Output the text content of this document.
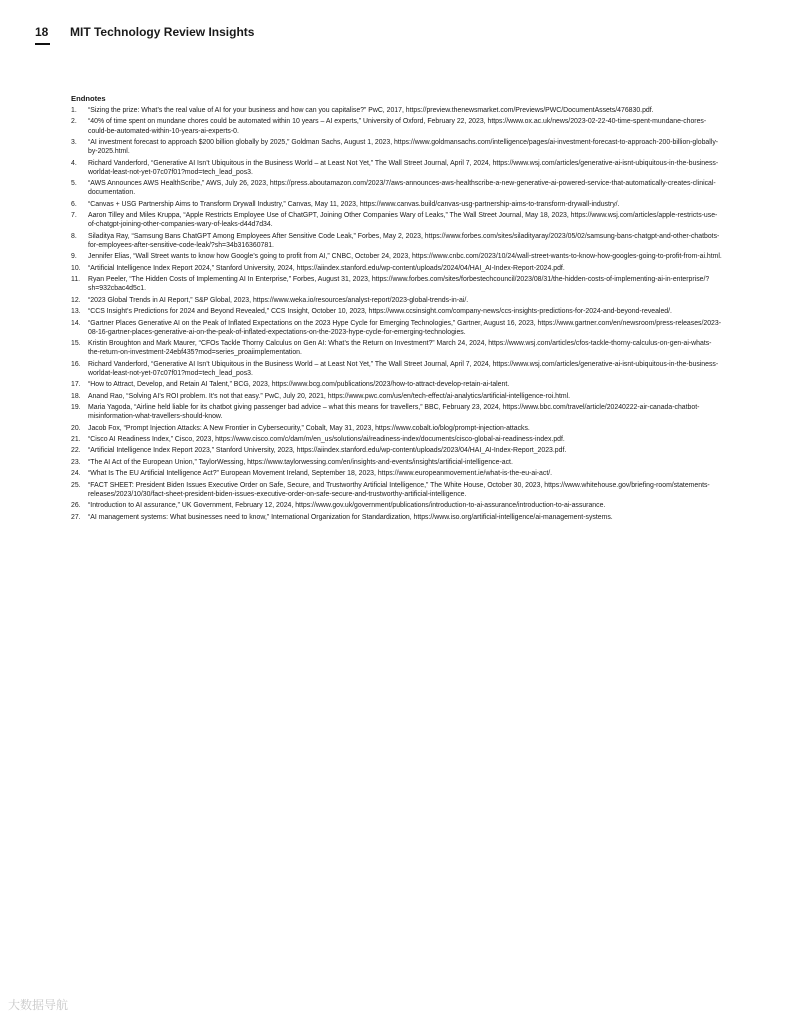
18 MIT Technology Review Insights
Endnotes
1.	“Sizing the prize: What’s the real value of AI for your business and how can you capitalise?” PwC, 2017, https://preview.thenewsmarket.com/Previews/PWC/DocumentAssets/476830.pdf.
2.	“40% of time spent on mundane chores could be automated within 10 years – AI experts,” University of Oxford, February 22, 2023, https://www.ox.ac.uk/news/2023-02-22-40-time-spent-mundane-chores-could-be-automated-within-10-years-ai-experts-0.
3.	“AI investment forecast to approach $200 billion globally by 2025,” Goldman Sachs, August 1, 2023, https://www.goldmansachs.com/intelligence/pages/ai-investment-forecast-to-approach-200-billion-globally-by-2025.html.
4.	Richard Vanderford, “Generative AI Isn’t Ubiquitous in the Business World – at Least Not Yet,” The Wall Street Journal, April 7, 2024, https://www.wsj.com/articles/generative-ai-isnt-ubiquitous-in-the-business-worldat-least-not-yet-07c07f01?mod=tech_lead_pos3.
5.	“AWS Announces AWS HealthScribe,” AWS, July 26, 2023, https://press.aboutamazon.com/2023/7/aws-announces-aws-healthscribe-a-new-generative-ai-powered-service-that-automatically-creates-clinical-documentation.
6.	“Canvas + USG Partnership Aims to Transform Drywall Industry,” Canvas, May 11, 2023, https://www.canvas.build/canvas-usg-partnership-aims-to-transform-drywall-industry/.
7.	Aaron Tilley and Miles Kruppa, “Apple Restricts Employee Use of ChatGPT, Joining Other Companies Wary of Leaks,” The Wall Street Journal, May 18, 2023, https://www.wsj.com/articles/apple-restricts-use-of-chatgpt-joining-other-companies-wary-of-leaks-d44d7d34.
8.	Siladitya Ray, “Samsung Bans ChatGPT Among Employees After Sensitive Code Leak,” Forbes, May 2, 2023, https://www.forbes.com/sites/siladityaray/2023/05/02/samsung-bans-chatgpt-and-other-chatbots-for-employees-after-sensitive-code-leak/?sh=34b316360781.
9.	Jennifer Elias, “Wall Street wants to know how Google’s going to profit from AI,” CNBC, October 24, 2023, https://www.cnbc.com/2023/10/24/wall-street-wants-to-know-how-googles-going-to-profit-from-ai.html.
10.	“Artificial Intelligence Index Report 2024,” Stanford University, 2024, https://aiindex.stanford.edu/wp-content/uploads/2024/04/HAI_AI-Index-Report-2024.pdf.
11.	Ryan Peeler, “The Hidden Costs of Implementing AI In Enterprise,” Forbes, August 31, 2023, https://www.forbes.com/sites/forbestechcouncil/2023/08/31/the-hidden-costs-of-implementing-ai-in-enterprise/?sh=932cbac4d5c1.
12.	“2023 Global Trends in AI Report,” S&P Global, 2023, https://www.weka.io/resources/analyst-report/2023-global-trends-in-ai/.
13.	“CCS Insight’s Predictions for 2024 and Beyond Revealed,” CCS Insight, October 10, 2023, https://www.ccsinsight.com/company-news/ccs-insights-predictions-for-2024-and-beyond-revealed/.
14.	“Gartner Places Generative AI on the Peak of Inflated Expectations on the 2023 Hype Cycle for Emerging Technologies,” Gartner, August 16, 2023, https://www.gartner.com/en/newsroom/press-releases/2023-08-16-gartner-places-generative-ai-on-the-peak-of-inflated-expectations-on-the-2023-hype-cycle-for-emerging-technologies.
15.	Kristin Broughton and Mark Maurer, “CFOs Tackle Thorny Calculus on Gen AI: What’s the Return on Investment?” March 24, 2024, https://www.wsj.com/articles/cfos-tackle-thorny-calculus-on-gen-ai-whats-the-return-on-investment-24ebf435?mod=series_proaiimplementation.
16.	Richard Vanderford, “Generative AI Isn’t Ubiquitous in the Business World – at Least Not Yet,” The Wall Street Journal, April 7, 2024, https://www.wsj.com/articles/generative-ai-isnt-ubiquitous-in-the-business-worldat-least-not-yet-07c07f01?mod=tech_lead_pos3.
17.	“How to Attract, Develop, and Retain AI Talent,” BCG, 2023, https://www.bcg.com/publications/2023/how-to-attract-develop-retain-ai-talent.
18.	Anand Rao, “Solving AI’s ROI problem. It’s not that easy.” PwC, July 20, 2021, https://www.pwc.com/us/en/tech-effect/ai-analytics/artificial-intelligence-roi.html.
19.	Maria Yagoda, “Airline held liable for its chatbot giving passenger bad advice – what this means for travellers,” BBC, February 23, 2024, https://www.bbc.com/travel/article/20240222-air-canada-chatbot-misinformation-what-travellers-should-know.
20.	Jacob Fox, “Prompt Injection Attacks: A New Frontier in Cybersecurity,” Cobalt, May 31, 2023, https://www.cobalt.io/blog/prompt-injection-attacks.
21.	“Cisco AI Readiness Index,” Cisco, 2023, https://www.cisco.com/c/dam/m/en_us/solutions/ai/readiness-index/documents/cisco-global-ai-readiness-index.pdf.
22.	“Artificial Intelligence Index Report 2023,” Stanford University, 2023, https://aiindex.stanford.edu/wp-content/uploads/2023/04/HAI_AI-Index-Report_2023.pdf.
23.	“The AI Act of the European Union,” TaylorWessing, https://www.taylorwessing.com/en/insights-and-events/insights/artificial-intelligence-act.
24.	“What Is The EU Artificial Intelligence Act?” European Movement Ireland, September 18, 2023, https://www.europeanmovement.ie/what-is-the-eu-ai-act/.
25.	“FACT SHEET: President Biden Issues Executive Order on Safe, Secure, and Trustworthy Artificial Intelligence,” The White House, October 30, 2023, https://www.whitehouse.gov/briefing-room/statements-releases/2023/10/30/fact-sheet-president-biden-issues-executive-order-on-safe-secure-and-trustworthy-artificial-intelligence.
26.	“Introduction to AI assurance,” UK Government, February 12, 2024, https://www.gov.uk/government/publications/introduction-to-ai-assurance/introduction-to-ai-assurance.
27.	“AI management systems: What businesses need to know,” International Organization for Standardization, https://www.iso.org/artificial-intelligence/ai-management-systems.
大数据导航
